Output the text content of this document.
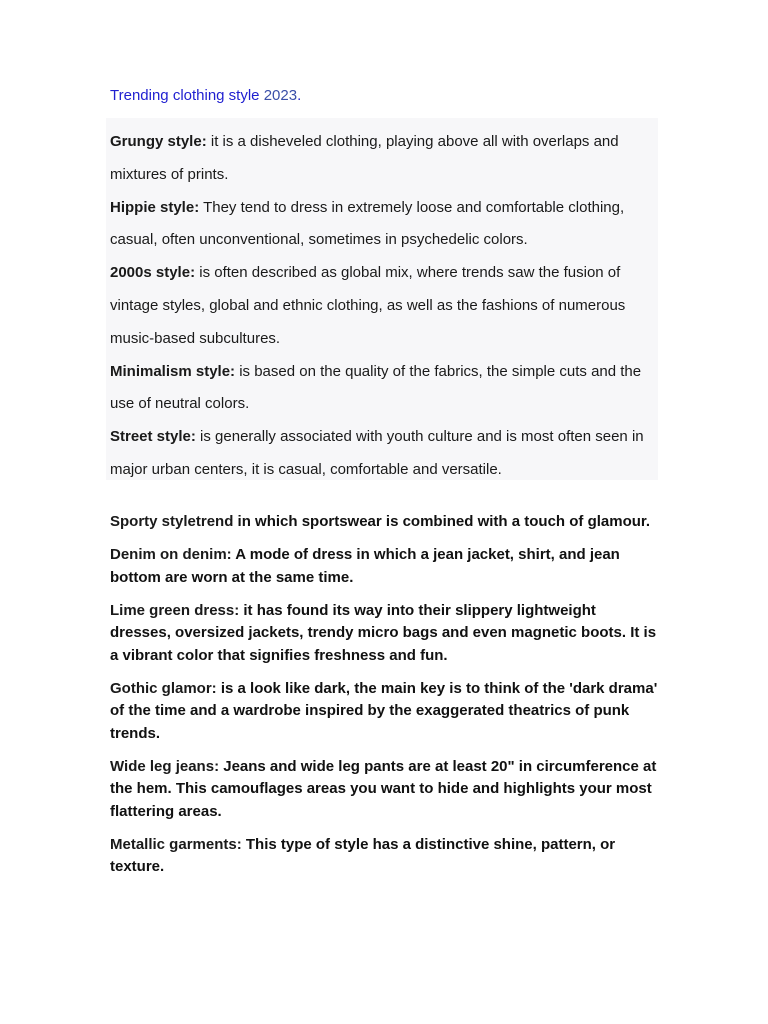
Trending clothing style 2023.

Grungy style: it is a disheveled clothing, playing above all with overlaps and mixtures of prints.

Hippie style: They tend to dress in extremely loose and comfortable clothing, casual, often unconventional, sometimes in psychedelic colors.

2000s style: is often described as global mix, where trends saw the fusion of vintage styles, global and ethnic clothing, as well as the fashions of numerous music-based subcultures.

Minimalism style: is based on the quality of the fabrics, the simple cuts and the use of neutral colors.

Street style: is generally associated with youth culture and is most often seen in major urban centers, it is casual, comfortable and versatile.

Sporty styletrend in which sportswear is combined with a touch of glamour.

Denim on denim: A mode of dress in which a jean jacket, shirt, and jean bottom are worn at the same time.

Lime green dress: it has found its way into their slippery lightweight dresses, oversized jackets, trendy micro bags and even magnetic boots. It is a vibrant color that signifies freshness and fun.

Gothic glamor: is a look like dark, the main key is to think of the 'dark drama' of the time and a wardrobe inspired by the exaggerated theatrics of punk trends.

Wide leg jeans: Jeans and wide leg pants are at least 20" in circumference at the hem. This camouflages areas you want to hide and highlights your most flattering areas.

Metallic garments: This type of style has a distinctive shine, pattern, or texture.
